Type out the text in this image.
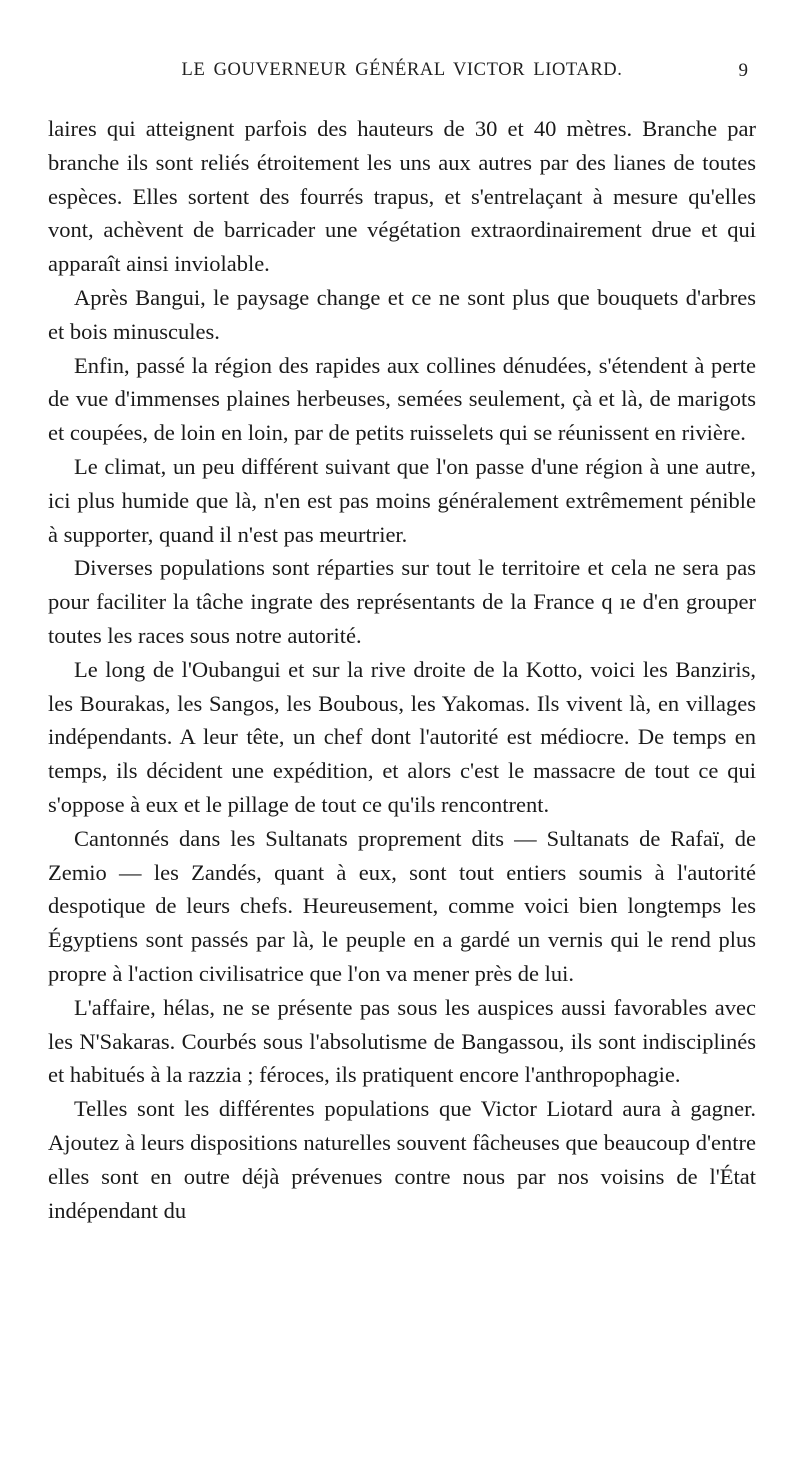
LE GOUVERNEUR GÉNÉRAL VICTOR LIOTARD.	9

laires qui atteignent parfois des hauteurs de 30 et 40 mètres. Branche par branche ils sont reliés étroitement les uns aux autres par des lianes de toutes espèces. Elles sortent des fourrés trapus, et s'entrelaçant à mesure qu'elles vont, achèvent de barricader une végétation extraordinairement drue et qui apparaît ainsi inviolable.

Après Bangui, le paysage change et ce ne sont plus que bouquets d'arbres et bois minuscules.

Enfin, passé la région des rapides aux collines dénudées, s'étendent à perte de vue d'immenses plaines herbeuses, semées seulement, çà et là, de marigots et coupées, de loin en loin, par de petits ruisselets qui se réunissent en rivière.

Le climat, un peu différent suivant que l'on passe d'une région à une autre, ici plus humide que là, n'en est pas moins généralement extrêmement pénible à supporter, quand il n'est pas meurtrier.

Diverses populations sont réparties sur tout le territoire et cela ne sera pas pour faciliter la tâche ingrate des représentants de la France q ıe d'en grouper toutes les races sous notre autorité.

Le long de l'Oubangui et sur la rive droite de la Kotto, voici les Banziris, les Bourakas, les Sangos, les Boubous, les Yakomas. Ils vivent là, en villages indépendants. A leur tête, un chef dont l'autorité est médiocre. De temps en temps, ils décident une expédition, et alors c'est le massacre de tout ce qui s'oppose à eux et le pillage de tout ce qu'ils rencontrent.

Cantonnés dans les Sultanats proprement dits — Sultanats de Rafaï, de Zemio — les Zandés, quant à eux, sont tout entiers soumis à l'autorité despotique de leurs chefs. Heureusement, comme voici bien longtemps les Égyptiens sont passés par là, le peuple en a gardé un vernis qui le rend plus propre à l'action civilisatrice que l'on va mener près de lui.

L'affaire, hélas, ne se présente pas sous les auspices aussi favorables avec les N'Sakaras. Courbés sous l'absolutisme de Bangassou, ils sont indisciplinés et habitués à la razzia ; féroces, ils pratiquent encore l'anthropophagie.

Telles sont les différentes populations que Victor Liotard aura à gagner. Ajoutez à leurs dispositions naturelles souvent fâcheuses que beaucoup d'entre elles sont en outre déjà prévenues contre nous par nos voisins de l'État indépendant du
